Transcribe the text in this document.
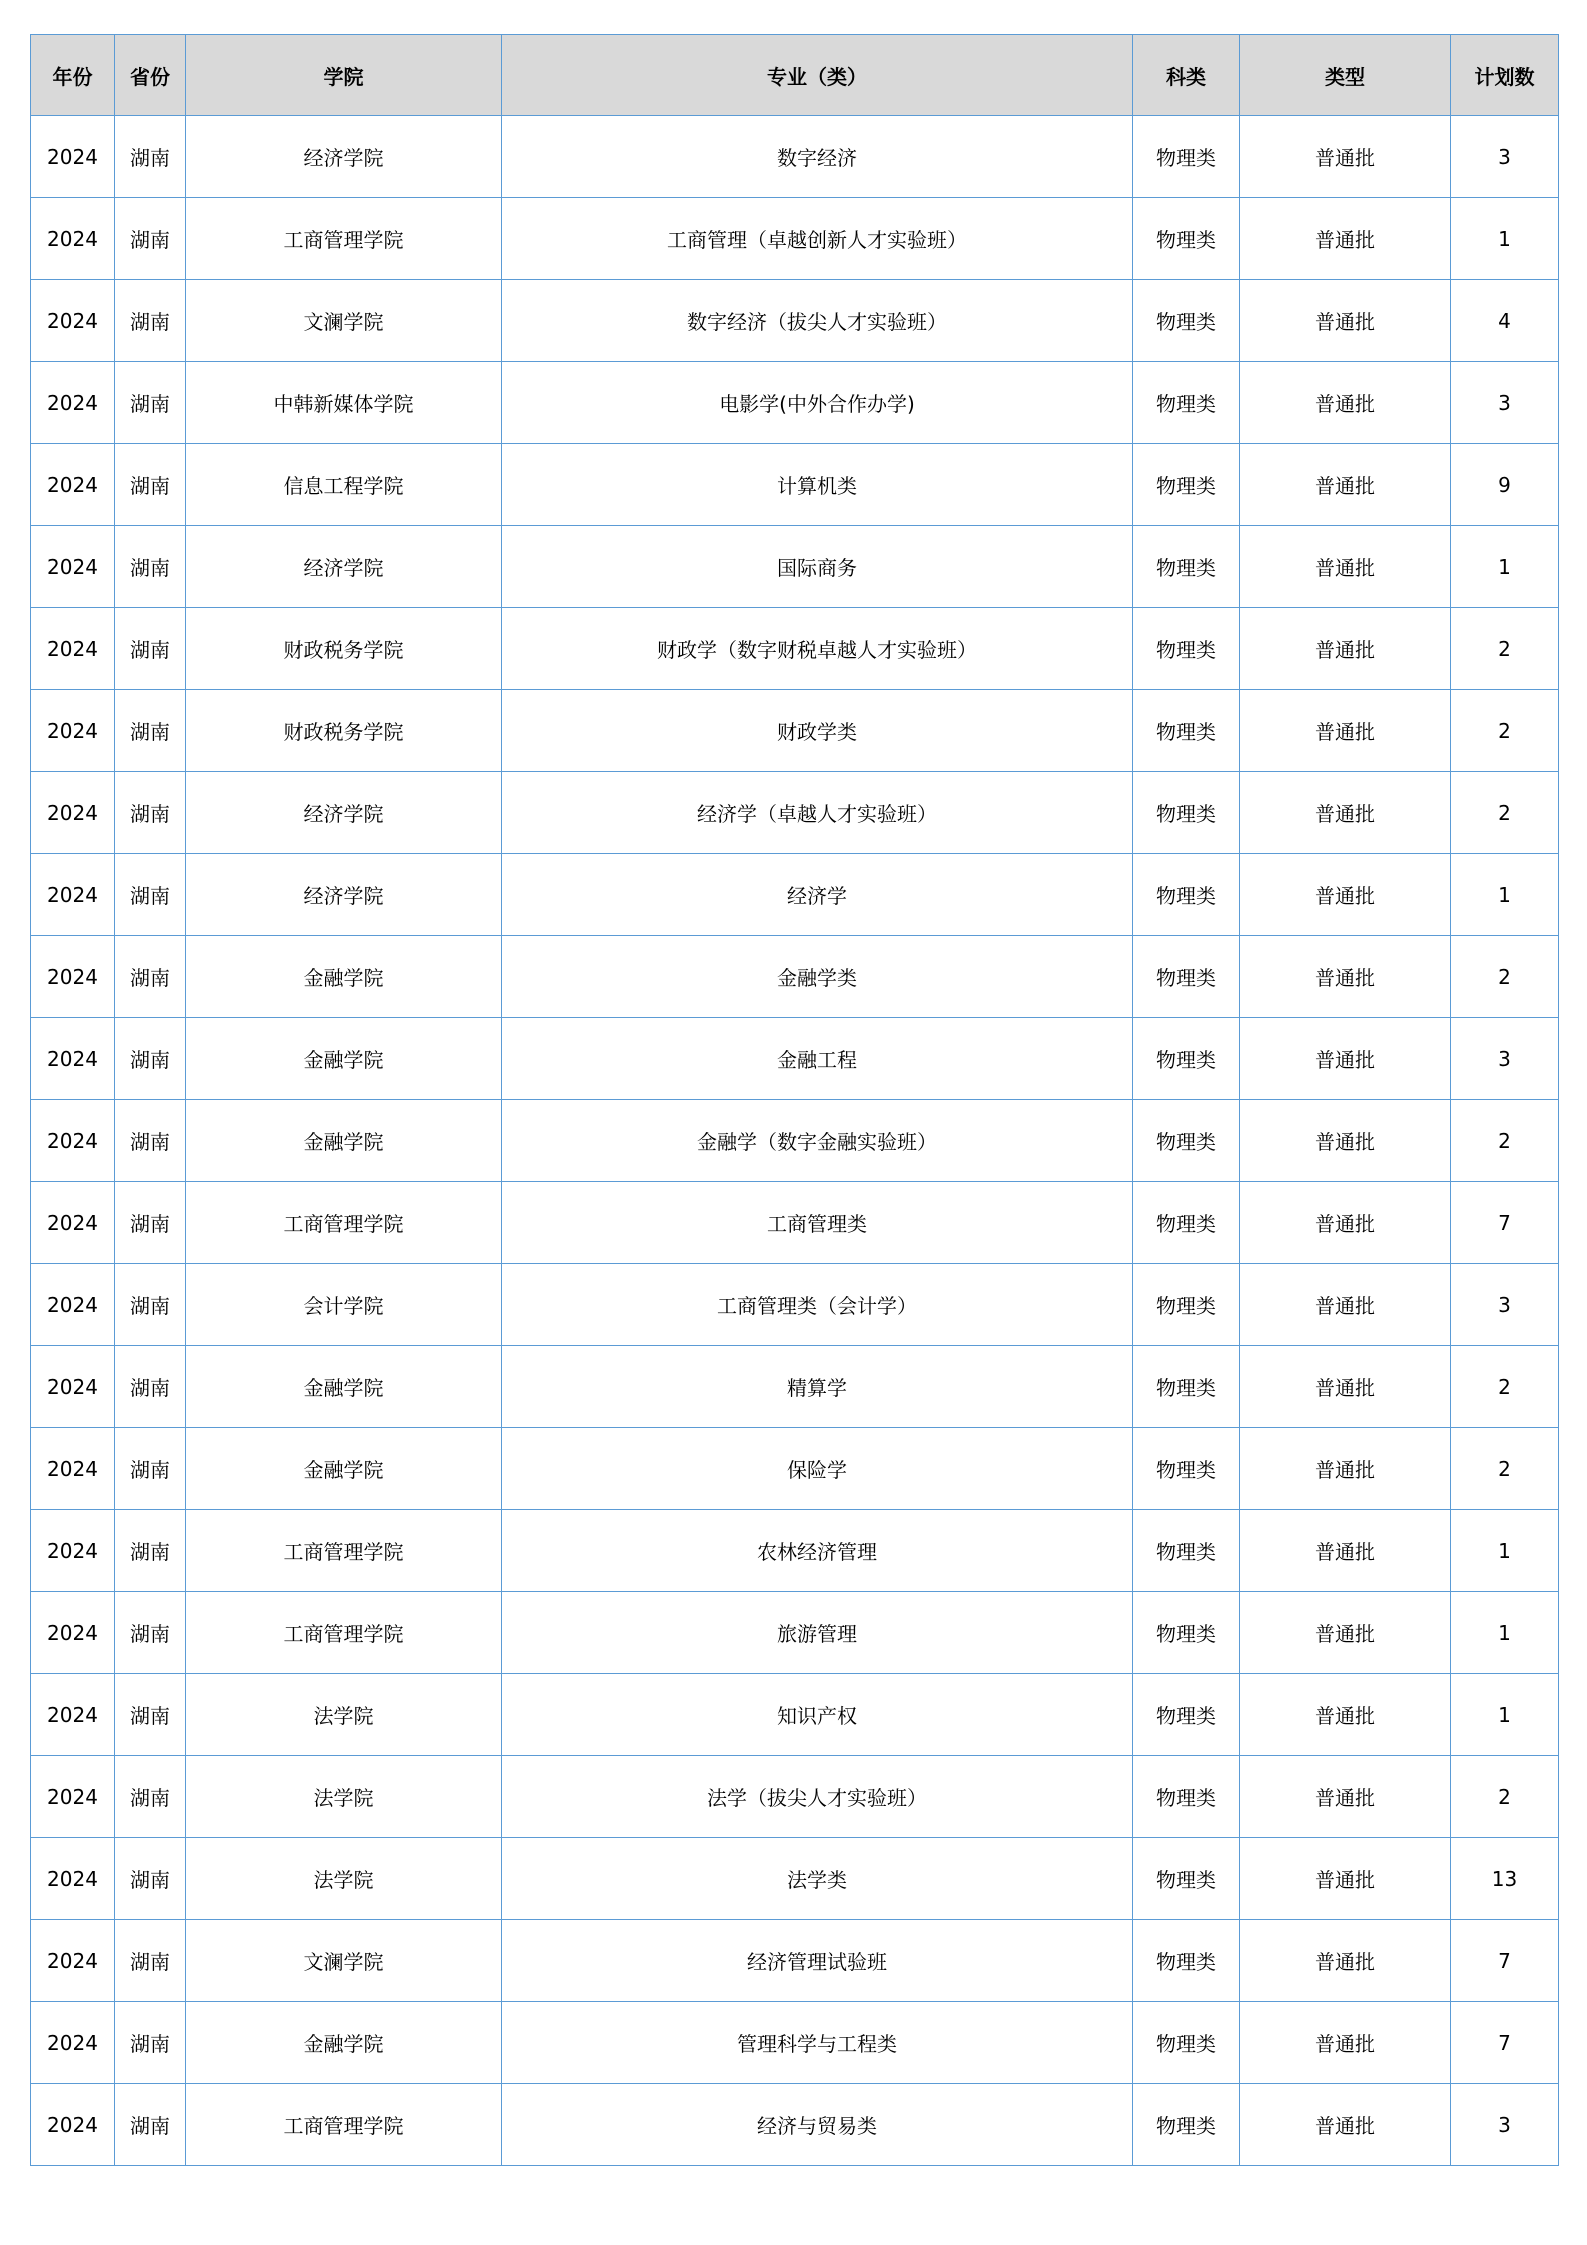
年份	省份	学院	专业（类）	科类	类型	计划数
2024	湖南	经济学院	数字经济	物理类	普通批	3
2024	湖南	工商管理学院	工商管理（卓越创新人才实验班）	物理类	普通批	1
2024	湖南	文澜学院	数字经济（拔尖人才实验班）	物理类	普通批	4
2024	湖南	中韩新媒体学院	电影学(中外合作办学)	物理类	普通批	3
2024	湖南	信息工程学院	计算机类	物理类	普通批	9
2024	湖南	经济学院	国际商务	物理类	普通批	1
2024	湖南	财政税务学院	财政学（数字财税卓越人才实验班）	物理类	普通批	2
2024	湖南	财政税务学院	财政学类	物理类	普通批	2
2024	湖南	经济学院	经济学（卓越人才实验班）	物理类	普通批	2
2024	湖南	经济学院	经济学	物理类	普通批	1
2024	湖南	金融学院	金融学类	物理类	普通批	2
2024	湖南	金融学院	金融工程	物理类	普通批	3
2024	湖南	金融学院	金融学（数字金融实验班）	物理类	普通批	2
2024	湖南	工商管理学院	工商管理类	物理类	普通批	7
2024	湖南	会计学院	工商管理类（会计学）	物理类	普通批	3
2024	湖南	金融学院	精算学	物理类	普通批	2
2024	湖南	金融学院	保险学	物理类	普通批	2
2024	湖南	工商管理学院	农林经济管理	物理类	普通批	1
2024	湖南	工商管理学院	旅游管理	物理类	普通批	1
2024	湖南	法学院	知识产权	物理类	普通批	1
2024	湖南	法学院	法学（拔尖人才实验班）	物理类	普通批	2
2024	湖南	法学院	法学类	物理类	普通批	13
2024	湖南	文澜学院	经济管理试验班	物理类	普通批	7
2024	湖南	金融学院	管理科学与工程类	物理类	普通批	7
2024	湖南	工商管理学院	经济与贸易类	物理类	普通批	3
